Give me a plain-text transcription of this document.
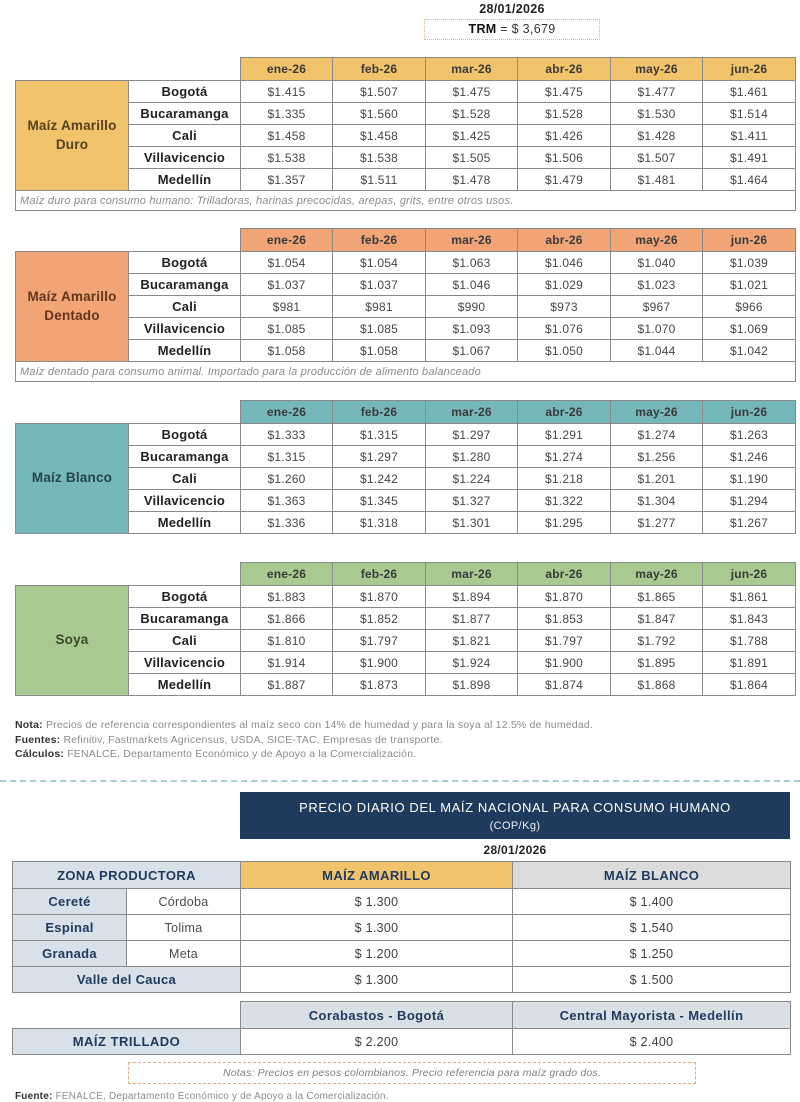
28/01/2026
TRM = $ 3,679
		ene-26	feb-26	mar-26	abr-26	may-26	jun-26
Maíz Amarillo Duro	Bogotá	$1.415	$1.507	$1.475	$1.475	$1.477	$1.461
	Bucaramanga	$1.335	$1.560	$1.528	$1.528	$1.530	$1.514
	Cali	$1.458	$1.458	$1.425	$1.426	$1.428	$1.411
	Villavicencio	$1.538	$1.538	$1.505	$1.506	$1.507	$1.491
	Medellín	$1.357	$1.511	$1.478	$1.479	$1.481	$1.464
Maíz duro para consumo humano: Trilladoras, harinas precocidas, arepas, grits, entre otros usos.							
		ene-26	feb-26	mar-26	abr-26	may-26	jun-26
Maíz Amarillo Dentado	Bogotá	$1.054	$1.054	$1.063	$1.046	$1.040	$1.039
	Bucaramanga	$1.037	$1.037	$1.046	$1.029	$1.023	$1.021
	Cali	$981	$981	$990	$973	$967	$966
	Villavicencio	$1.085	$1.085	$1.093	$1.076	$1.070	$1.069
	Medellín	$1.058	$1.058	$1.067	$1.050	$1.044	$1.042
Maíz dentado para consumo animal. Importado para la producción de alimento balanceado							
		ene-26	feb-26	mar-26	abr-26	may-26	jun-26
Maíz Blanco	Bogotá	$1.333	$1.315	$1.297	$1.291	$1.274	$1.263
	Bucaramanga	$1.315	$1.297	$1.280	$1.274	$1.256	$1.246
	Cali	$1.260	$1.242	$1.224	$1.218	$1.201	$1.190
	Villavicencio	$1.363	$1.345	$1.327	$1.322	$1.304	$1.294
	Medellín	$1.336	$1.318	$1.301	$1.295	$1.277	$1.267
		ene-26	feb-26	mar-26	abr-26	may-26	jun-26
Soya	Bogotá	$1.883	$1.870	$1.894	$1.870	$1.865	$1.861
	Bucaramanga	$1.866	$1.852	$1.877	$1.853	$1.847	$1.843
	Cali	$1.810	$1.797	$1.821	$1.797	$1.792	$1.788
	Villavicencio	$1.914	$1.900	$1.924	$1.900	$1.895	$1.891
	Medellín	$1.887	$1.873	$1.898	$1.874	$1.868	$1.864
Nota: Precios de referencia correspondientes al maíz seco con 14% de humedad y para la soya al 12.5% de humedad.
Fuentes: Refinitiv, Fastmarkets Agricensus, USDA, SICE-TAC, Empresas de transporte.
Cálculos: FENALCE, Departamento Económico y de Apoyo a la Comercialización.
PRECIO DIARIO DEL MAÍZ NACIONAL PARA CONSUMO HUMANO
(COP/Kg)
28/01/2026
ZONA PRODUCTORA		MAÍZ AMARILLO	MAÍZ BLANCO
Cereté	Córdoba	$ 1.300	$ 1.400
Espinal	Tolima	$ 1.300	$ 1.540
Granada	Meta	$ 1.200	$ 1.250
Valle del Cauca		$ 1.300	$ 1.500
	Corabastos - Bogotá	Central Mayorista - Medellín
MAÍZ TRILLADO	$ 2.200	$ 2.400
Notas: Precios en pesos colombianos. Precio referencia para maíz grado dos.
Fuente: FENALCE, Departamento Económico y de Apoyo a la Comercialización.
